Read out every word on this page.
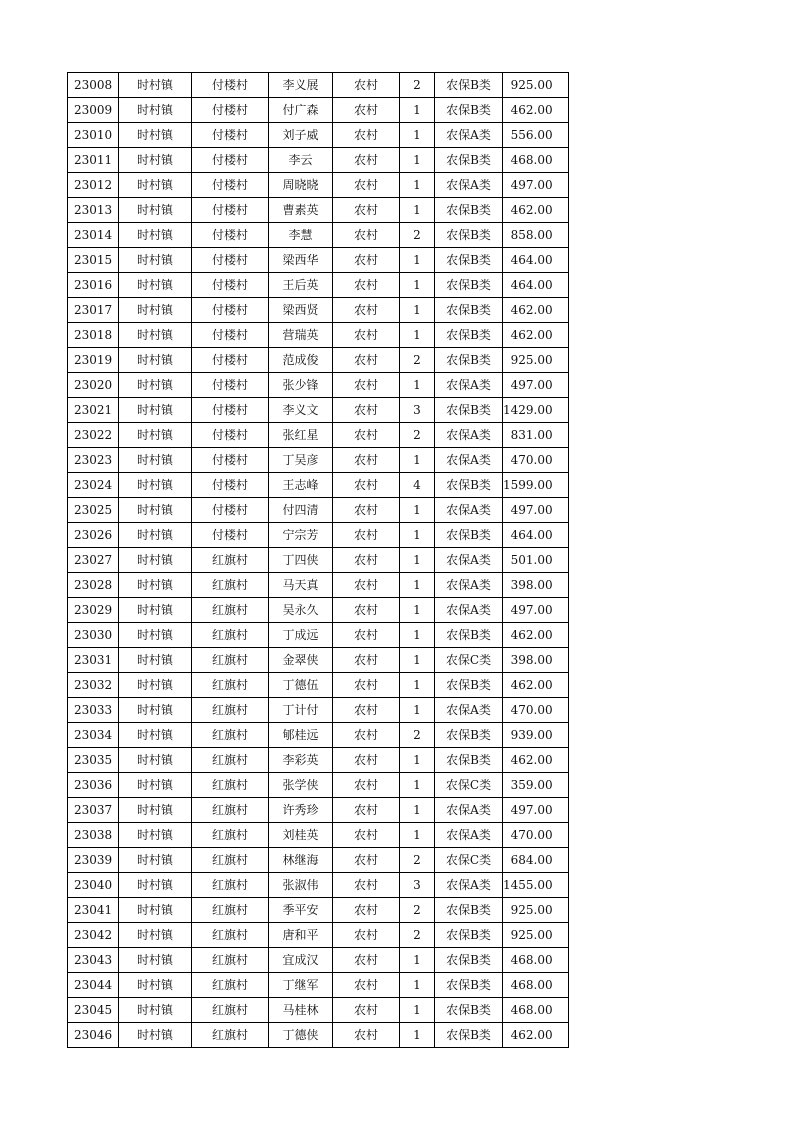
23008	时村镇	付楼村	李义展	农村	2	农保B类	925.00
23009	时村镇	付楼村	付广森	农村	1	农保B类	462.00
23010	时村镇	付楼村	刘子威	农村	1	农保A类	556.00
23011	时村镇	付楼村	李云	农村	1	农保B类	468.00
23012	时村镇	付楼村	周晓晓	农村	1	农保A类	497.00
23013	时村镇	付楼村	曹素英	农村	1	农保B类	462.00
23014	时村镇	付楼村	李慧	农村	2	农保B类	858.00
23015	时村镇	付楼村	梁西华	农村	1	农保B类	464.00
23016	时村镇	付楼村	王后英	农村	1	农保B类	464.00
23017	时村镇	付楼村	梁西贤	农村	1	农保B类	462.00
23018	时村镇	付楼村	营瑞英	农村	1	农保B类	462.00
23019	时村镇	付楼村	范成俊	农村	2	农保B类	925.00
23020	时村镇	付楼村	张少锋	农村	1	农保A类	497.00
23021	时村镇	付楼村	李义文	农村	3	农保B类	1429.00
23022	时村镇	付楼村	张红星	农村	2	农保A类	831.00
23023	时村镇	付楼村	丁吴彦	农村	1	农保A类	470.00
23024	时村镇	付楼村	王志峰	农村	4	农保B类	1599.00
23025	时村镇	付楼村	付四清	农村	1	农保A类	497.00
23026	时村镇	付楼村	宁宗芳	农村	1	农保B类	464.00
23027	时村镇	红旗村	丁四侠	农村	1	农保A类	501.00
23028	时村镇	红旗村	马天真	农村	1	农保A类	398.00
23029	时村镇	红旗村	吴永久	农村	1	农保A类	497.00
23030	时村镇	红旗村	丁成远	农村	1	农保B类	462.00
23031	时村镇	红旗村	金翠侠	农村	1	农保C类	398.00
23032	时村镇	红旗村	丁德伍	农村	1	农保B类	462.00
23033	时村镇	红旗村	丁计付	农村	1	农保A类	470.00
23034	时村镇	红旗村	郇桂远	农村	2	农保B类	939.00
23035	时村镇	红旗村	李彩英	农村	1	农保B类	462.00
23036	时村镇	红旗村	张学侠	农村	1	农保C类	359.00
23037	时村镇	红旗村	许秀珍	农村	1	农保A类	497.00
23038	时村镇	红旗村	刘桂英	农村	1	农保A类	470.00
23039	时村镇	红旗村	林继海	农村	2	农保C类	684.00
23040	时村镇	红旗村	张淑伟	农村	3	农保A类	1455.00
23041	时村镇	红旗村	季平安	农村	2	农保B类	925.00
23042	时村镇	红旗村	唐和平	农村	2	农保B类	925.00
23043	时村镇	红旗村	宜成汉	农村	1	农保B类	468.00
23044	时村镇	红旗村	丁继军	农村	1	农保B类	468.00
23045	时村镇	红旗村	马桂林	农村	1	农保B类	468.00
23046	时村镇	红旗村	丁德侠	农村	1	农保B类	462.00
